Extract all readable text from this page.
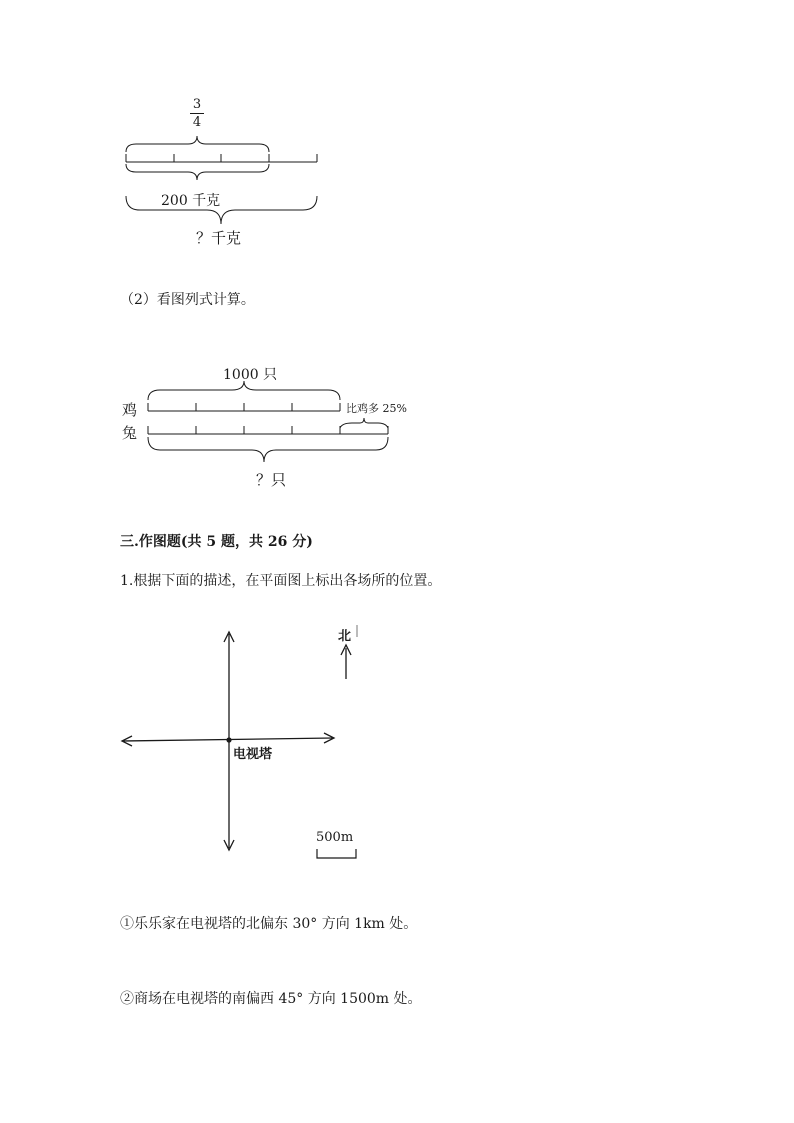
3
4
200 千克
？千克
（2）看图列式计算。
1000 只
鸡
兔
比鸡多 25%
？只
三.作图题(共 5 题，共 26 分)
1.根据下面的描述，在平面图上标出各场所的位置。
北
电视塔
500m
①乐乐家在电视塔的北偏东 30° 方向 1km 处。
②商场在电视塔的南偏西 45° 方向 1500m 处。
